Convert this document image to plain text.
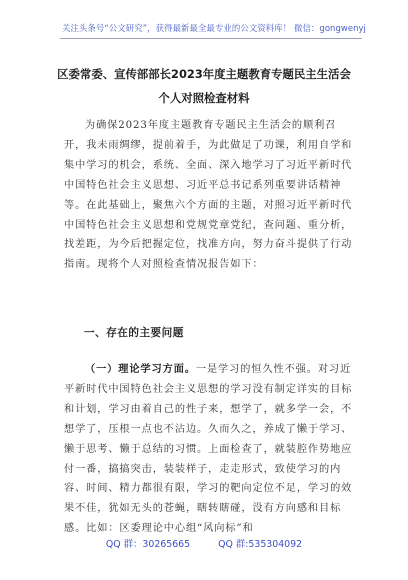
关注头条号“公文研究”，获得最新最全最专业的公文资料库！ 微信：gongwenyj
区委常委、宣传部部长2023年度主题教育专题民主生活会
个人对照检查材料
为确保2023年度主题教育专题民主生活会的顺利召开，我未雨绸缪，提前着手，为此做足了功课，利用自学和集中学习的机会，系统、全面、深入地学习了习近平新时代中国特色社会主义思想、习近平总书记系列重要讲话精神等。在此基础上，聚焦六个方面的主题，对照习近平新时代中国特色社会主义思想和党规党章党纪，查问题、重分析，找差距，为今后把握定位，找准方向，努力奋斗提供了行动指南。现将个人对照检查情况报告如下：
一、存在的主要问题
（一）理论学习方面。一是学习的恒久性不强。对习近平新时代中国特色社会主义思想的学习没有制定详实的目标和计划，学习由着自己的性子来，想学了，就多学一会，不想学了，压根一点也不沾边。久而久之，养成了懒于学习、懒于思考、懒于总结的习惯。上面检查了，就装腔作势地应付一番，搞搞突击，装装样子，走走形式，致使学习的内容、时间、精力都很有限，学习的靶向定位不足，学习的效果不佳，犹如无头的苍蝇，瞎转瞎碰，没有方向感和目标感。比如：区委理论中心组“风向标”和
QQ 群：30265665	QQ 群:535304092
